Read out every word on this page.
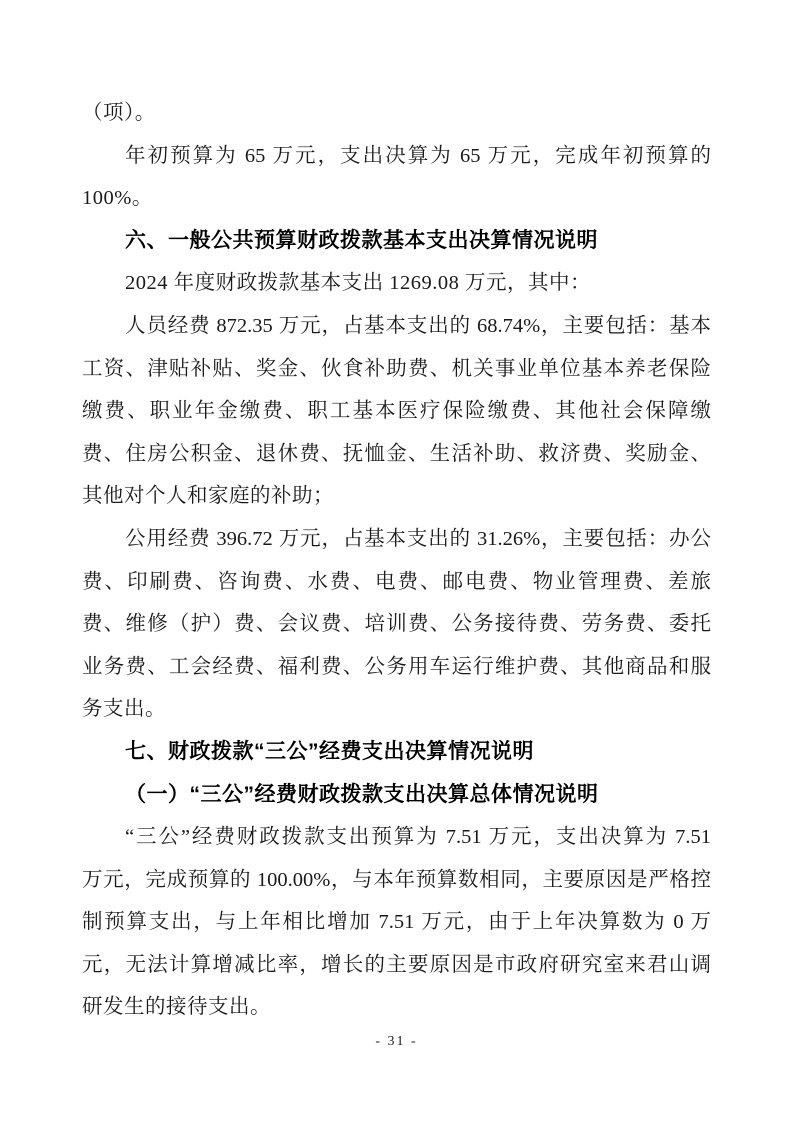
（项）。
年初预算为 65 万元，支出决算为 65 万元，完成年初预算的
100%。
六、一般公共预算财政拨款基本支出决算情况说明
2024 年度财政拨款基本支出 1269.08 万元，其中：
人员经费 872.35 万元，占基本支出的 68.74%，主要包括：基本
工资、津贴补贴、奖金、伙食补助费、机关事业单位基本养老保险
缴费、职业年金缴费、职工基本医疗保险缴费、其他社会保障缴
费、住房公积金、退休费、抚恤金、生活补助、救济费、奖励金、
其他对个人和家庭的补助；
公用经费 396.72 万元，占基本支出的 31.26%，主要包括：办公
费、印刷费、咨询费、水费、电费、邮电费、物业管理费、差旅
费、维修（护）费、会议费、培训费、公务接待费、劳务费、委托
业务费、工会经费、福利费、公务用车运行维护费、其他商品和服
务支出。
七、财政拨款“三公”经费支出决算情况说明
（一）“三公”经费财政拨款支出决算总体情况说明
“三公”经费财政拨款支出预算为 7.51 万元，支出决算为 7.51
万元，完成预算的 100.00%，与本年预算数相同，主要原因是严格控
制预算支出，与上年相比增加 7.51 万元，由于上年决算数为 0 万
元，无法计算增减比率，增长的主要原因是市政府研究室来君山调
研发生的接待支出。
- 31 -
